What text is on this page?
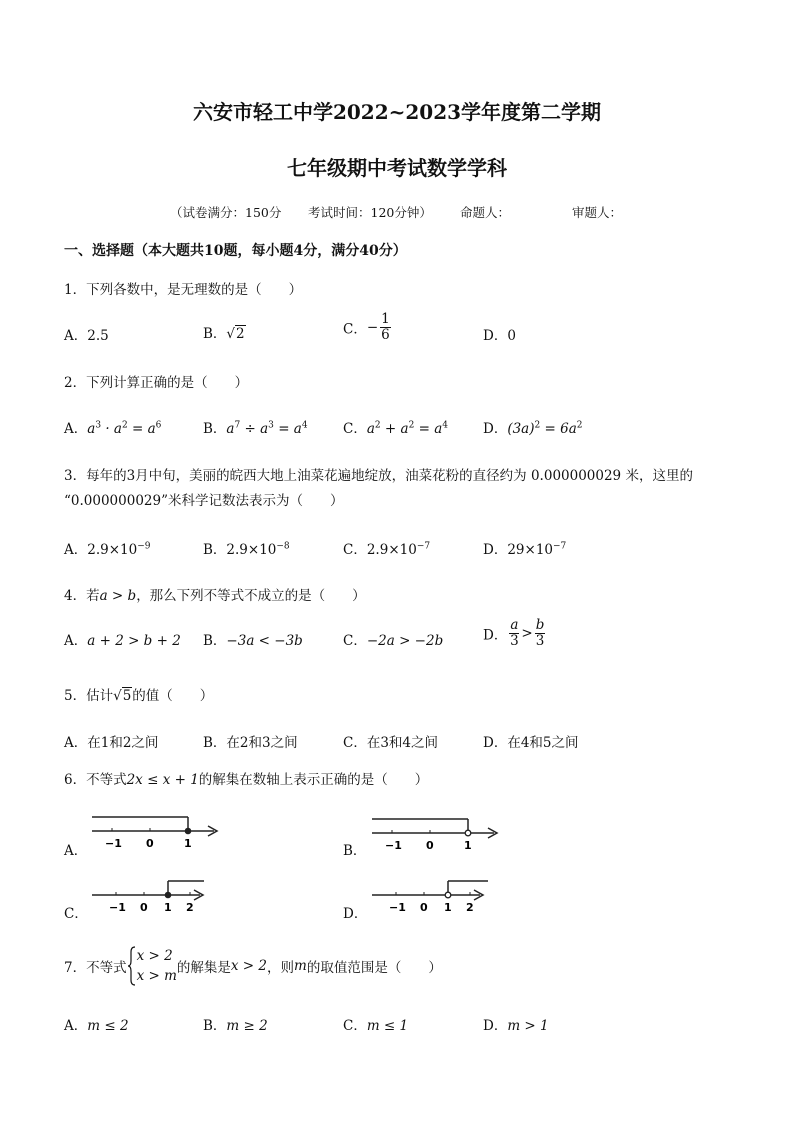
六安市轻工中学2022~2023学年度第二学期
七年级期中考试数学学科
（试卷满分：150分 考试时间：120分钟） 命题人：	审题人：
一、选择题（本大题共10题，每小题4分，满分40分）
1．下列各数中，是无理数的是（　　）
A．2.5	B．√2	C．− $\frac{1}{6}$	D．0
2．下列计算正确的是（　　）
A．$a^3 \cdot a^2 = a^6$	B．$a^7 \div a^3 = a^4$	C．$a^2 + a^2 = a^4$	D．$(3a)^2 = 6a^2$
3．每年的3月中旬，美丽的皖西大地上油菜花遍地绽放，油菜花粉的直径约为 0.000000029 米，这里的
“0.000000029”米科学记数法表示为（　　）
A．$2.9\times 10^{-9}$	B．$2.9\times 10^{-8}$	C．$2.9\times 10^{-7}$	D．$29\times 10^{-7}$
4．若a > b，那么下列不等式不成立的是（　　）
A．a + 2 > b + 2 B．−3a < −3b	C．−2a > −2b	D． $\frac{a}{3} > \frac{b}{3}$
5．估计√5的值（　　）
A．在1和2之间	B．在2和3之间	C．在3和4之间	D．在4和5之间
6．不等式2x ≤ x + 1的解集在数轴上表示正确的是（　　）
A． −1 0	1	B． −1 0	1
C． −1 0 1 2	D． −1 0 1 2
7．不等式
x > 2
x > m 的解集是 x > 2 ，则 m 的取值范围是（　　）
A．m ≤ 2	B．m ≥ 2	C．m ≤ 1	D．m > 1
